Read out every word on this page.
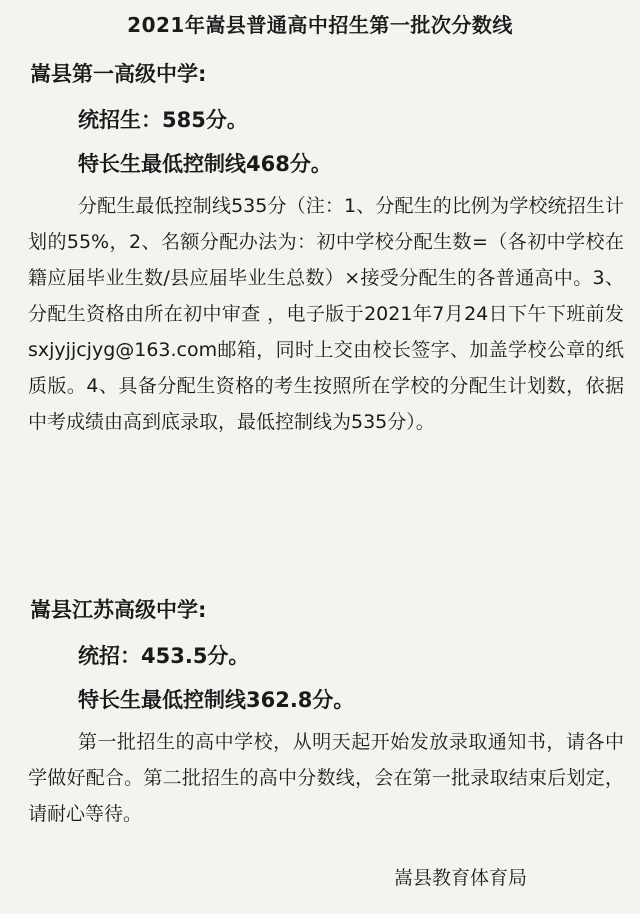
2021年嵩县普通高中招生第一批次分数线
嵩县第一高级中学:
统招生：585分。
特长生最低控制线468分。
分配生最低控制线535分（注：1、分配生的比例为学校统招生计划的55%，2、名额分配办法为：初中学校分配生数=（各初中学校在籍应届毕业生数/县应届毕业生总数）×接受分配生的各普通高中。3、分配生资格由所在初中审查 ，电子版于2021年7月24日下午下班前发sxjyjjcjyg@163.com邮箱，同时上交由校长签字、加盖学校公章的纸质版。4、具备分配生资格的考生按照所在学校的分配生计划数，依据中考成绩由高到底录取，最低控制线为535分）。
嵩县江苏高级中学:
统招：453.5分。
特长生最低控制线362.8分。
第一批招生的高中学校，从明天起开始发放录取通知书，请各中学做好配合。第二批招生的高中分数线，会在第一批录取结束后划定，请耐心等待。
嵩县教育体育局
